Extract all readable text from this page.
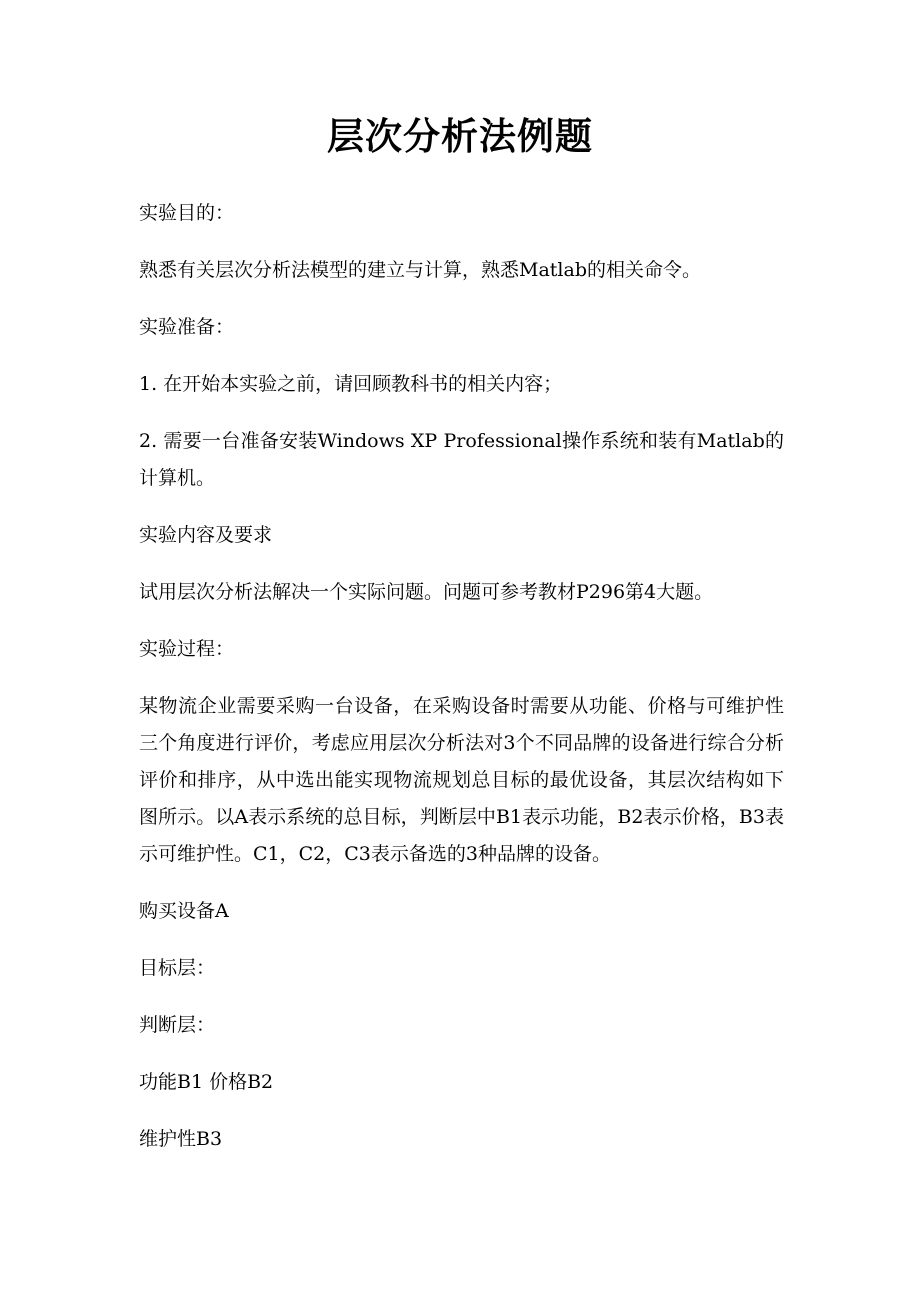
层次分析法例题

实验目的：

熟悉有关层次分析法模型的建立与计算，熟悉Matlab的相关命令。

实验准备：

1. 在开始本实验之前，请回顾教科书的相关内容；

2. 需要一台准备安装Windows XP Professional操作系统和装有Matlab的计算机。

实验内容及要求

试用层次分析法解决一个实际问题。问题可参考教材P296第4大题。

实验过程：

某物流企业需要采购一台设备，在采购设备时需要从功能、价格与可维护性三个角度进行评价，考虑应用层次分析法对3个不同品牌的设备进行综合分析评价和排序，从中选出能实现物流规划总目标的最优设备，其层次结构如下图所示。以A表示系统的总目标，判断层中B1表示功能，B2表示价格，B3表示可维护性。C1，C2，C3表示备选的3种品牌的设备。

购买设备A

目标层：

判断层：

功能B1 价格B2

维护性B3
